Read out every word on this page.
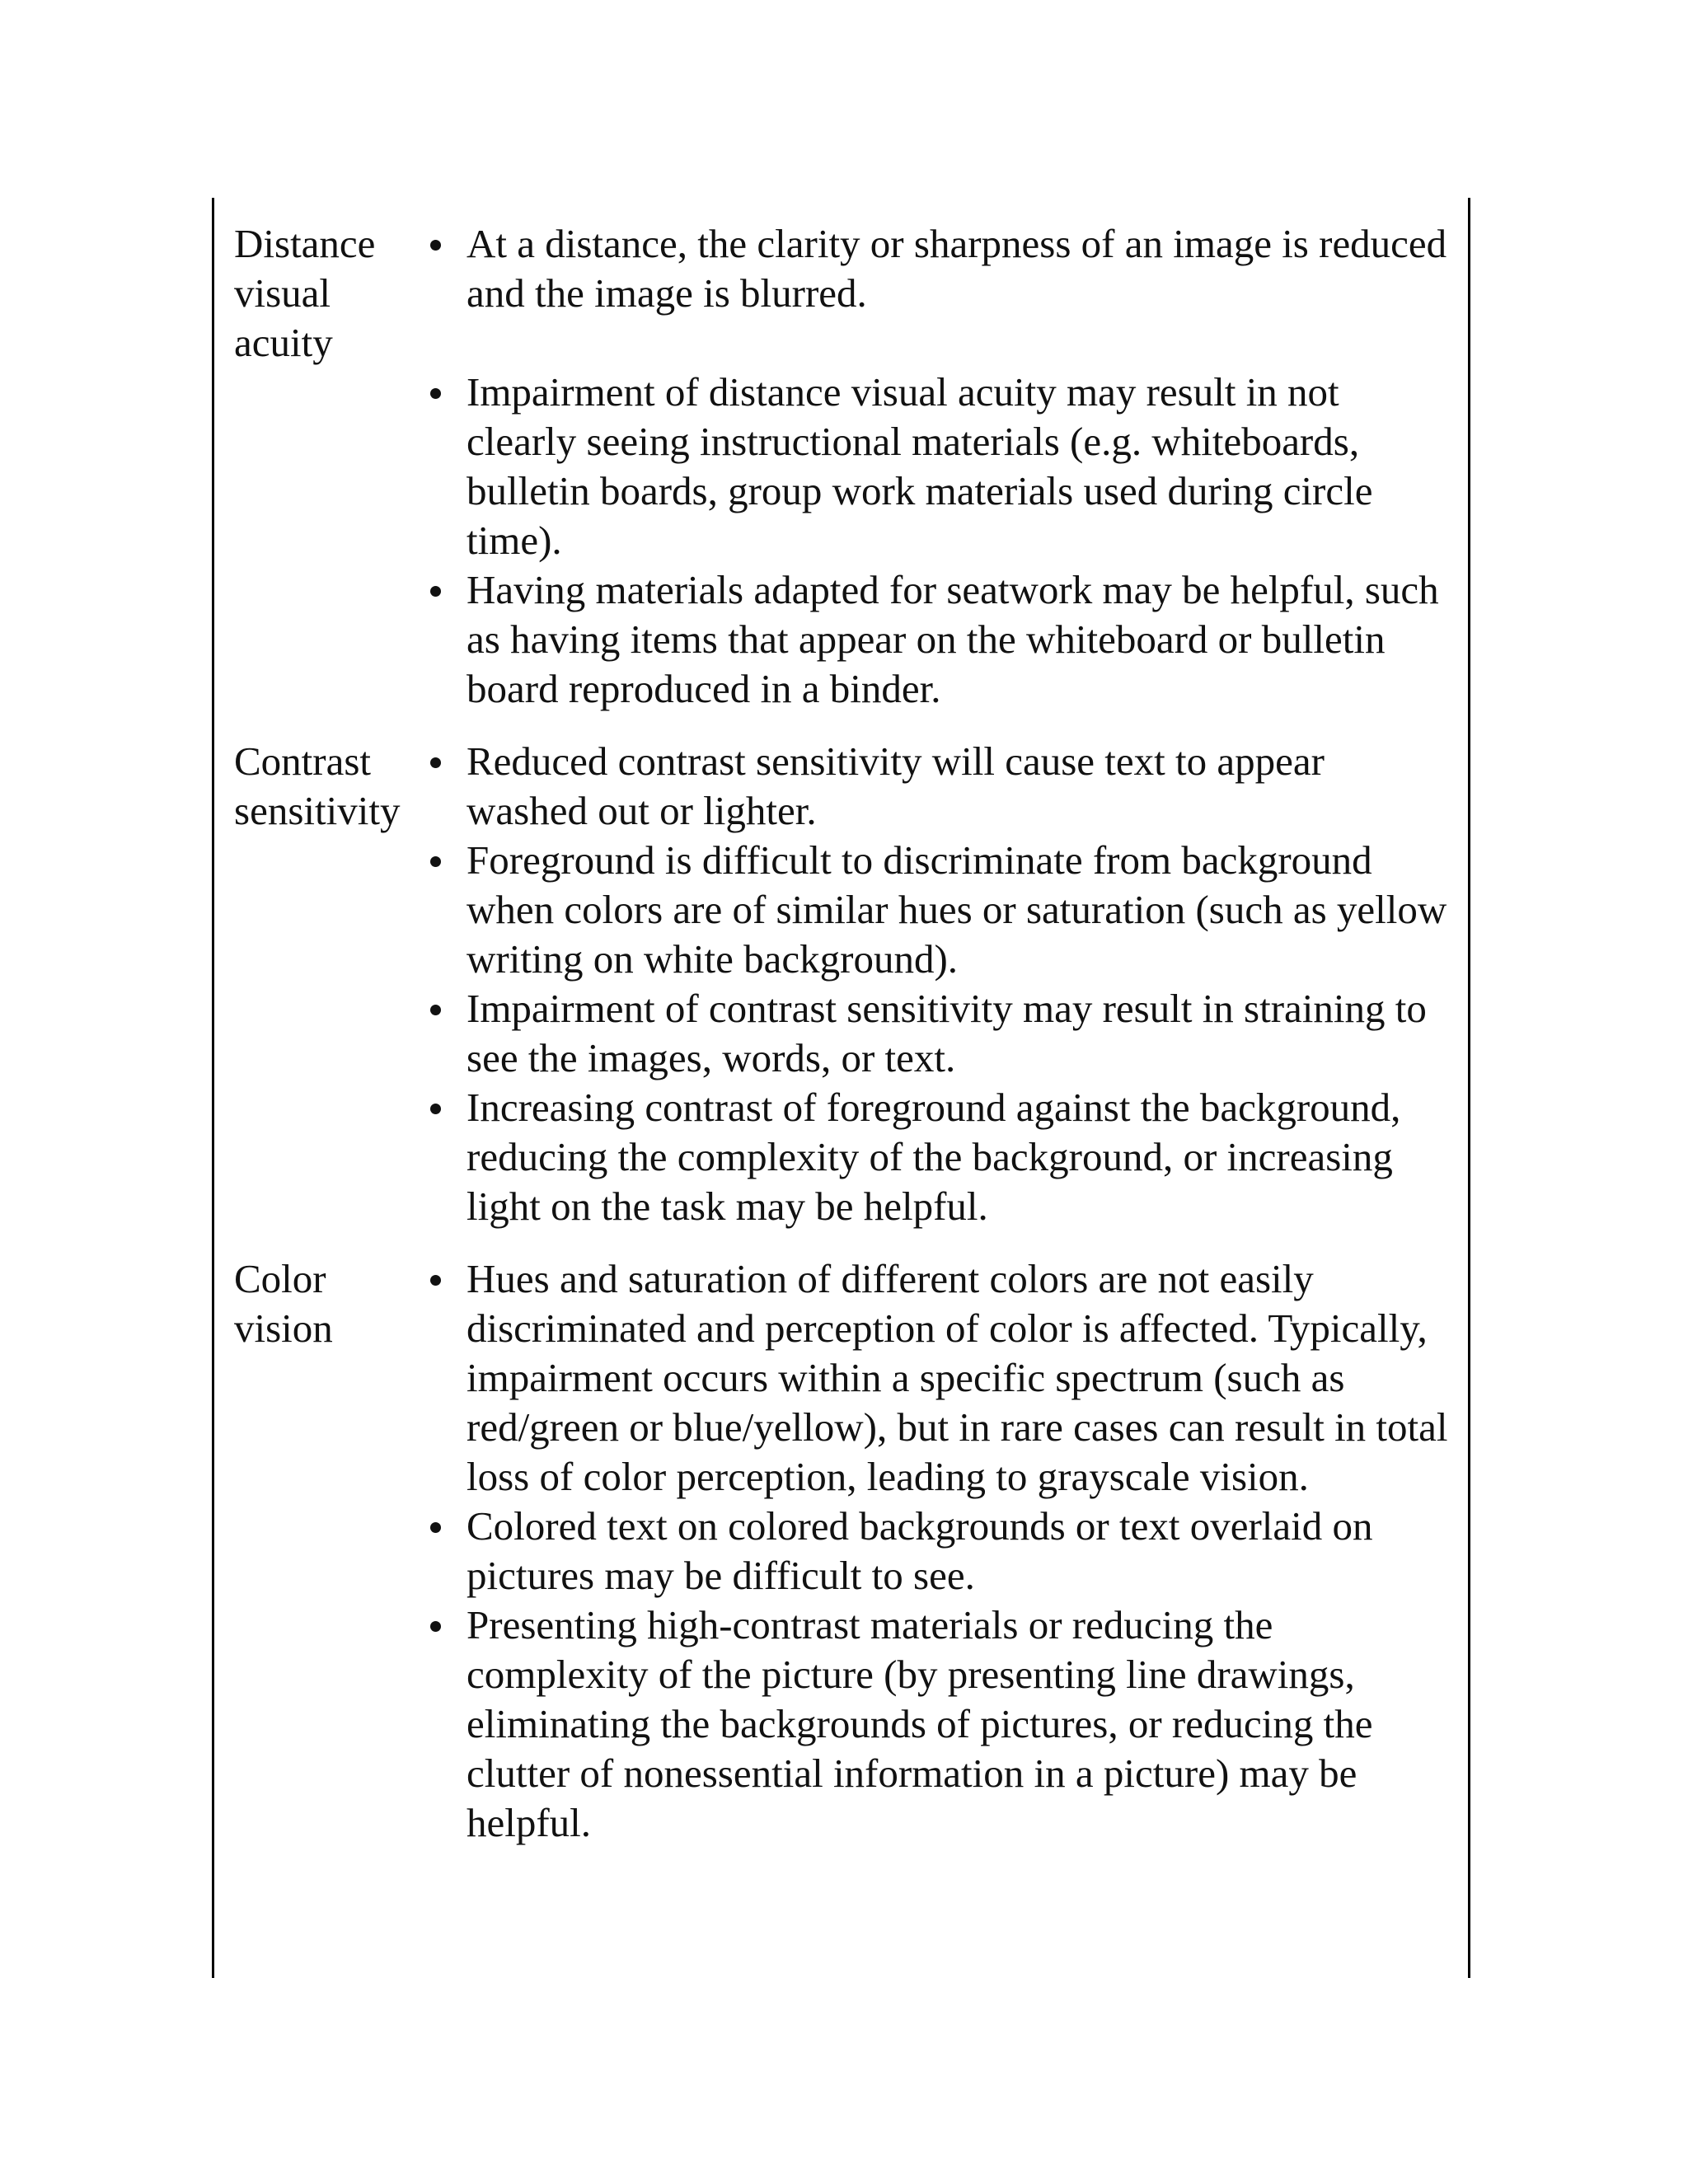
Distance
visual
acuity
At a distance, the clarity or sharpness of an image is reduced and the image is blurred.
Impairment of distance visual acuity may result in not clearly seeing instructional materials (e.g. whiteboards, bulletin boards, group work materials used during circle time).
Having materials adapted for seatwork may be helpful, such as having items that appear on the whiteboard or bulletin board reproduced in a binder.
Contrast
sensitivity
Reduced contrast sensitivity will cause text to appear washed out or lighter.
Foreground is difficult to discriminate from background when colors are of similar hues or saturation (such as yellow writing on white background).
Impairment of contrast sensitivity may result in straining to see the images, words, or text.
Increasing contrast of foreground against the background, reducing the complexity of the background, or increasing light on the task may be helpful.
Color
vision
Hues and saturation of different colors are not easily discriminated and perception of color is affected. Typically, impairment occurs within a specific spectrum (such as red/green or blue/yellow), but in rare cases can result in total loss of color perception, leading to grayscale vision.
Colored text on colored backgrounds or text overlaid on pictures may be difficult to see.
Presenting high-contrast materials or reducing the complexity of the picture (by presenting line drawings, eliminating the backgrounds of pictures, or reducing the clutter of nonessential information in a picture) may be helpful.
